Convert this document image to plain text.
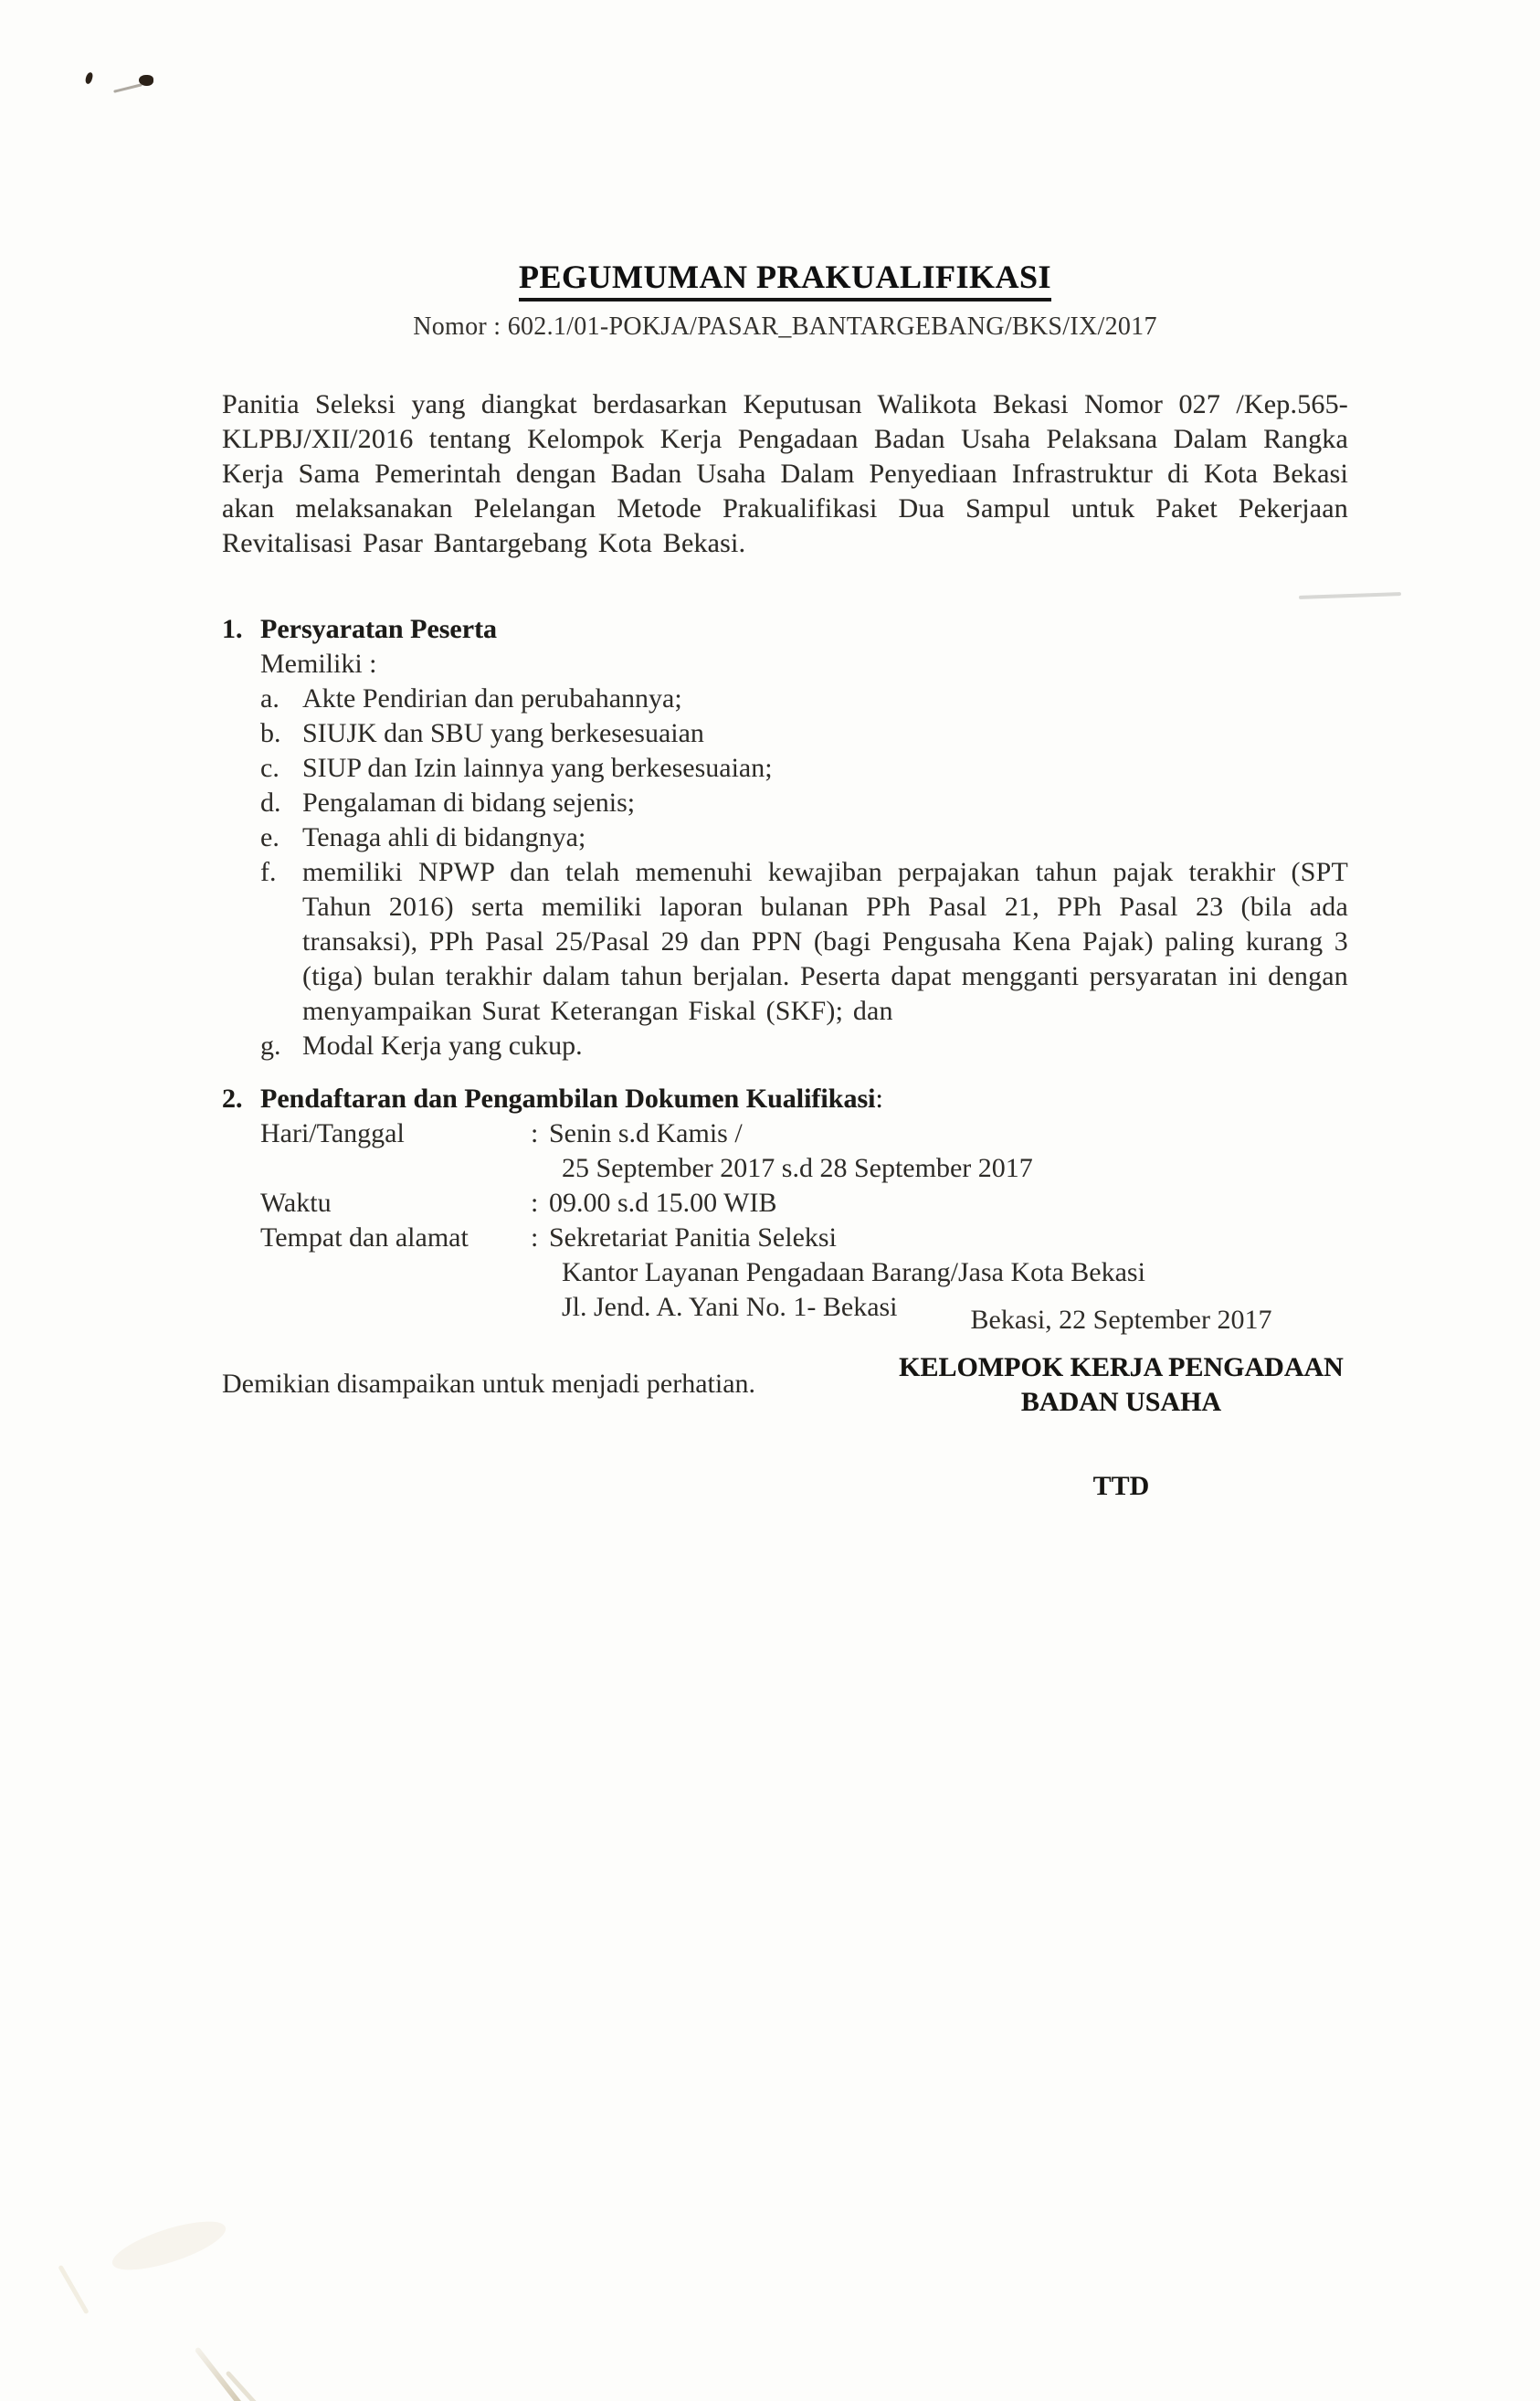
PEGUMUMAN PRAKUALIFIKASI
Nomor : 602.1/01-POKJA/PASAR_BANTARGEBANG/BKS/IX/2017

Panitia Seleksi yang diangkat berdasarkan Keputusan Walikota Bekasi Nomor 027 /Kep.565-KLPBJ/XII/2016 tentang Kelompok Kerja Pengadaan Badan Usaha Pelaksana Dalam Rangka Kerja Sama Pemerintah dengan Badan Usaha Dalam Penyediaan Infrastruktur di Kota Bekasi akan melaksanakan Pelelangan Metode Prakualifikasi Dua Sampul untuk Paket Pekerjaan Revitalisasi Pasar Bantargebang Kota Bekasi.

1. Persyaratan Peserta
Memiliki :
a. Akte Pendirian dan perubahannya;
b. SIUJK dan SBU yang berkesesuaian
c. SIUP dan Izin lainnya yang berkesesuaian;
d. Pengalaman di bidang sejenis;
e. Tenaga ahli di bidangnya;
f. memiliki NPWP dan telah memenuhi kewajiban perpajakan tahun pajak terakhir (SPT Tahun 2016) serta memiliki laporan bulanan PPh Pasal 21, PPh Pasal 23 (bila ada transaksi), PPh Pasal 25/Pasal 29 dan PPN (bagi Pengusaha Kena Pajak) paling kurang 3 (tiga) bulan terakhir dalam tahun berjalan. Peserta dapat mengganti persyaratan ini dengan menyampaikan Surat Keterangan Fiskal (SKF); dan
g. Modal Kerja yang cukup.
2. Pendaftaran dan Pengambilan Dokumen Kualifikasi:
Hari/Tanggal	: Senin s.d Kamis /
25 September 2017 s.d 28 September 2017
Waktu	: 09.00 s.d 15.00 WIB
Tempat dan alamat	: Sekretariat Panitia Seleksi
Kantor Layanan Pengadaan Barang/Jasa Kota Bekasi
Jl. Jend. A. Yani No. 1- Bekasi

Demikian disampaikan untuk menjadi perhatian.

Bekasi, 22 September 2017
KELOMPOK KERJA PENGADAAN
BADAN USAHA
TTD
